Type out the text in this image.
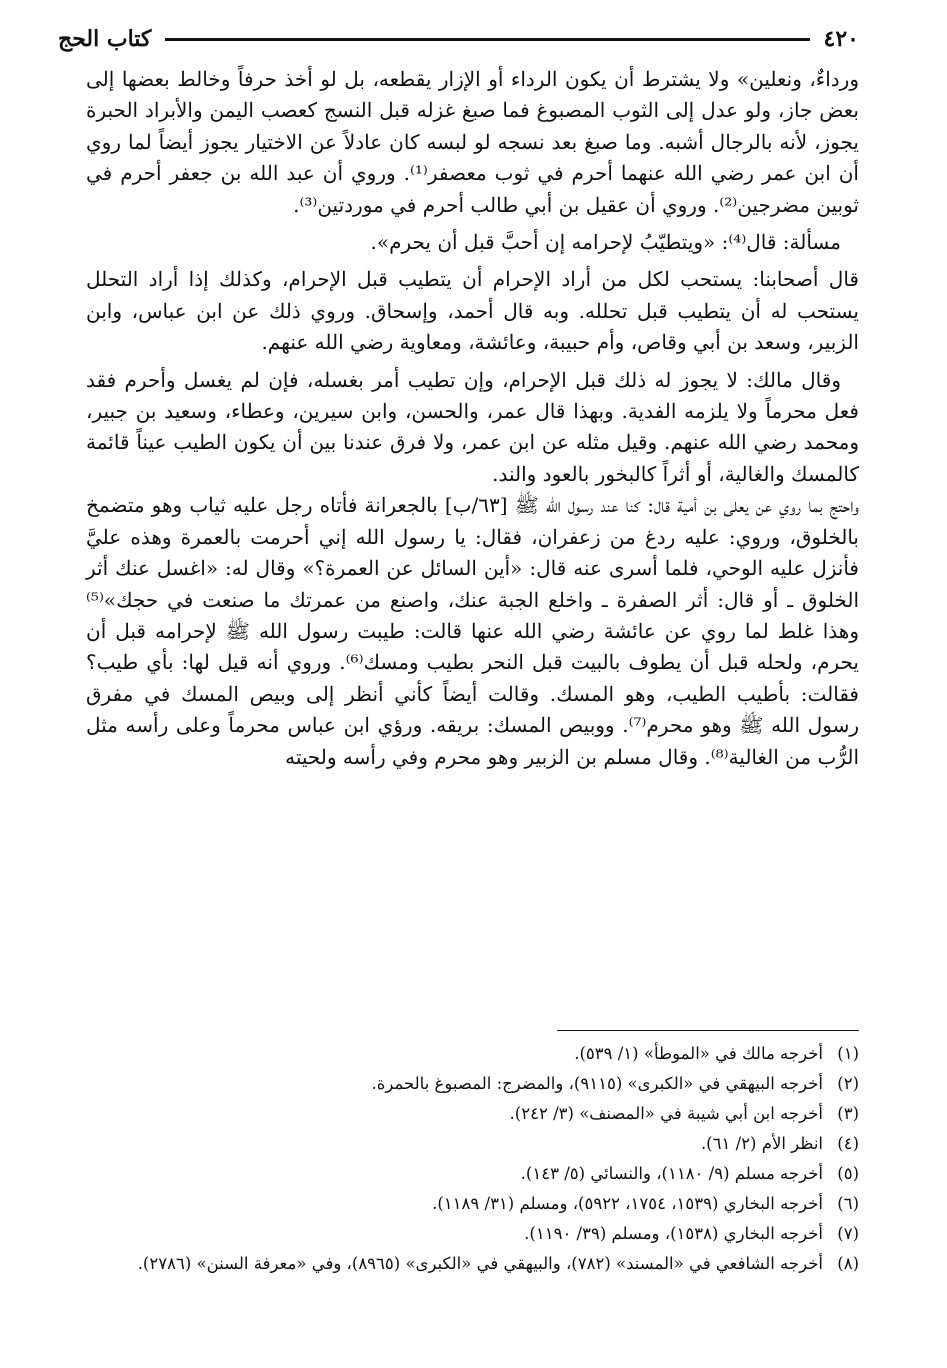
٤٢٠
كتاب الحج

ورداءٌ، ونعلين» ولا يشترط أن يكون الرداء أو الإزار يقطعه، بل لو أخذ حرفاً وخالط بعضها إلى بعض جاز، ولو عدل إلى الثوب المصبوغ فما صبغ غزله قبل النسج كعصب اليمن والأبراد الحبرة يجوز، لأنه بالرجال أشبه. وما صبغ بعد نسجه لو لبسه كان عادلاً عن الاختيار يجوز أيضاً لما روي أن ابن عمر رضي الله عنهما أحرم في ثوب معصفر⁽¹⁾. وروي أن عبد الله بن جعفر أحرم في ثوبين مضرجين⁽²⁾. وروي أن عقيل بن أبي طالب أحرم في موردتين⁽³⁾.

مسألة: قال⁽⁴⁾: «ويتطيّبُ لإحرامه إن أحبَّ قبل أن يحرم».

قال أصحابنا: يستحب لكل من أراد الإحرام أن يتطيب قبل الإحرام، وكذلك إذا أراد التحلل يستحب له أن يتطيب قبل تحلله. وبه قال أحمد، وإسحاق. وروي ذلك عن ابن عباس، وابن الزبير، وسعد بن أبي وقاص، وأم حبيبة، وعائشة، ومعاوية رضي الله عنهم.

وقال مالك: لا يجوز له ذلك قبل الإحرام، وإن تطيب أمر بغسله، فإن لم يغسل وأحرم فقد فعل محرماً ولا يلزمه الفدية. وبهذا قال عمر، والحسن، وابن سيرين، وعطاء، وسعيد بن جبير، ومحمد رضي الله عنهم. وقيل مثله عن ابن عمر، ولا فرق عندنا بين أن يكون الطيب عيناً قائمة كالمسك والغالية، أو أثراً كالبخور بالعود والند.

واحتج بما روي عن يعلى بن أمية قال: كنا عند رسول الله ﷺ [٦٣/ب] بالجعرانة فأتاه رجل عليه ثياب وهو متضمخ بالخلوق، وروي: عليه ردغ من زعفران، فقال: يا رسول الله إني أحرمت بالعمرة وهذه عليَّ فأنزل عليه الوحي، فلما أسرى عنه قال: «أين السائل عن العمرة؟» وقال له: «اغسل عنك أثر الخلوق ـ أو قال: أثر الصفرة ـ واخلع الجبة عنك، واصنع من عمرتك ما صنعت في حجك»⁽⁵⁾ وهذا غلط لما روي عن عائشة رضي الله عنها قالت: طيبت رسول الله ﷺ لإحرامه قبل أن يحرم، ولحله قبل أن يطوف بالبيت قبل النحر بطيب ومسك⁽⁶⁾. وروي أنه قيل لها: بأي طيب؟ فقالت: بأطيب الطيب، وهو المسك. وقالت أيضاً كأني أنظر إلى وبيص المسك في مفرق رسول الله ﷺ وهو محرم⁽⁷⁾. ووبيص المسك: بريقه. ورؤي ابن عباس محرماً وعلى رأسه مثل الرُّب من الغالية⁽⁸⁾. وقال مسلم بن الزبير وهو محرم وفي رأسه ولحيته

(١)
أخرجه مالك في «الموطأ» (١/ ٥٣٩).
(٢)
أخرجه البيهقي في «الكبرى» (٩١١٥)، والمضرج: المصبوغ بالحمرة.
(٣)
أخرجه ابن أبي شيبة في «المصنف» (٣/ ٢٤٢).
(٤)
انظر الأم (٢/ ٦١).
(٥)
أخرجه مسلم (٩/ ١١٨٠)، والنسائي (٥/ ١٤٣).
(٦)
أخرجه البخاري (١٥٣٩، ١٧٥٤، ٥٩٢٢)، ومسلم (٣١/ ١١٨٩).
(٧)
أخرجه البخاري (١٥٣٨)، ومسلم (٣٩/ ١١٩٠).
(٨)
أخرجه الشافعي في «المسند» (٧٨٢)، والبيهقي في «الكبرى» (٨٩٦٥)، وفي «معرفة السنن» (٢٧٨٦).
